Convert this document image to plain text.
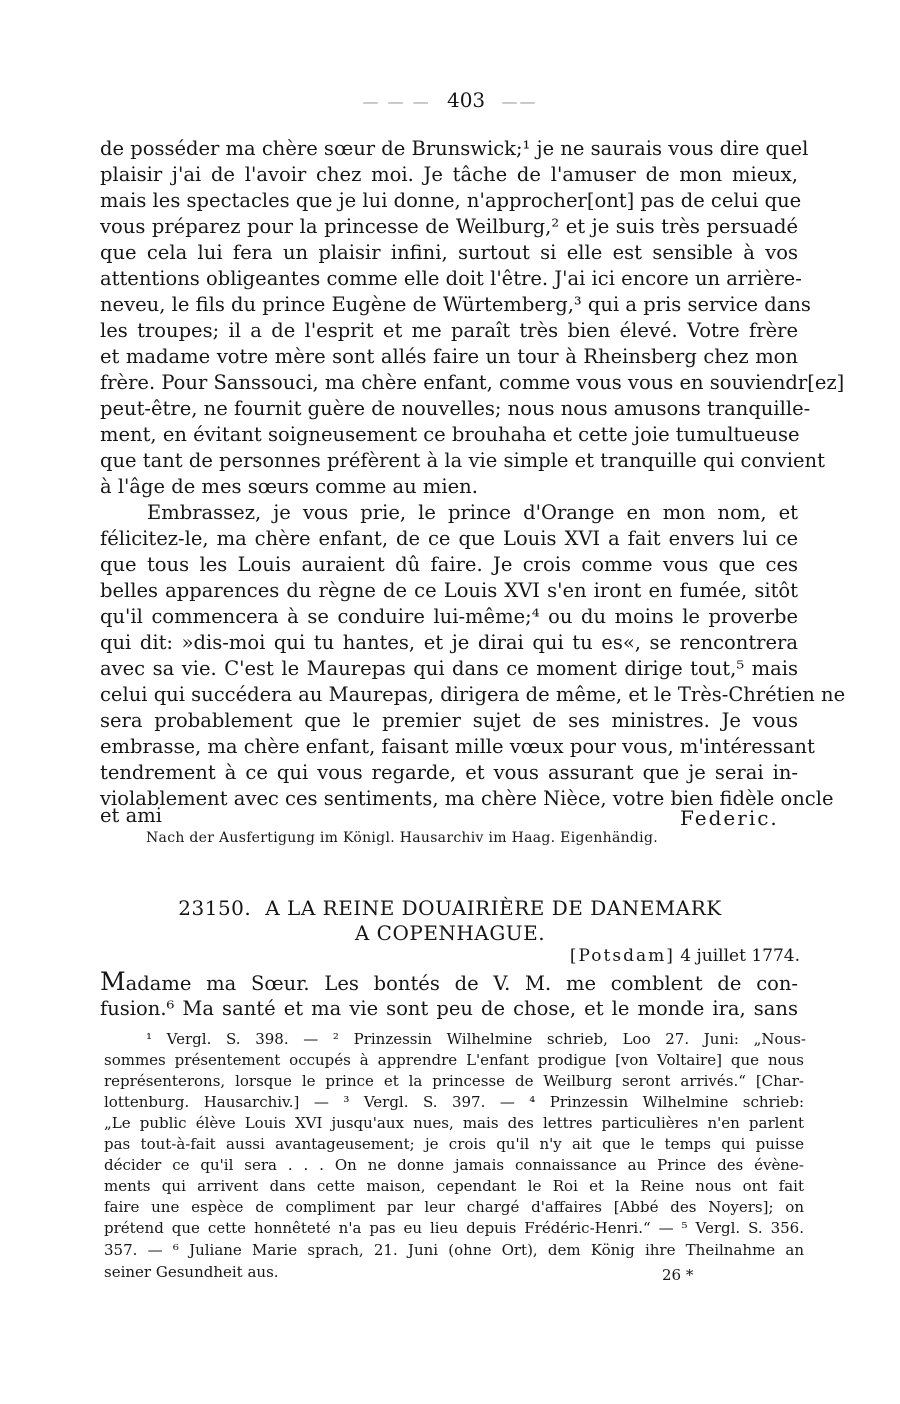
— — — 403 ——
de posséder ma chère sœur de Brunswick;¹ je ne saurais vous dire quel
plaisir j'ai de l'avoir chez moi. Je tâche de l'amuser de mon mieux,
mais les spectacles que je lui donne, n'approcher[ont] pas de celui que
vous préparez pour la princesse de Weilburg,² et je suis très persuadé
que cela lui fera un plaisir infini, surtout si elle est sensible à vos
attentions obligeantes comme elle doit l'être. J'ai ici encore un arrière-
neveu, le fils du prince Eugène de Würtemberg,³ qui a pris service dans
les troupes; il a de l'esprit et me paraît très bien élevé. Votre frère
et madame votre mère sont allés faire un tour à Rheinsberg chez mon
frère. Pour Sanssouci, ma chère enfant, comme vous vous en souviendr[ez]
peut-être, ne fournit guère de nouvelles; nous nous amusons tranquille-
ment, en évitant soigneusement ce brouhaha et cette joie tumultueuse
que tant de personnes préfèrent à la vie simple et tranquille qui convient
à l'âge de mes sœurs comme au mien.
Embrassez, je vous prie, le prince d'Orange en mon nom, et
félicitez-le, ma chère enfant, de ce que Louis XVI a fait envers lui ce
que tous les Louis auraient dû faire. Je crois comme vous que ces
belles apparences du règne de ce Louis XVI s'en iront en fumée, sitôt
qu'il commencera à se conduire lui-même;⁴ ou du moins le proverbe
qui dit: »dis-moi qui tu hantes, et je dirai qui tu es«, se rencontrera
avec sa vie. C'est le Maurepas qui dans ce moment dirige tout,⁵ mais
celui qui succédera au Maurepas, dirigera de même, et le Très-Chrétien ne
sera probablement que le premier sujet de ses ministres. Je vous
embrasse, ma chère enfant, faisant mille vœux pour vous, m'intéressant
tendrement à ce qui vous regarde, et vous assurant que je serai in-
violablement avec ces sentiments, ma chère Nièce, votre bien fidèle oncle
et ami	Federic.
Nach der Ausfertigung im Königl. Hausarchiv im Haag. Eigenhändig.
23150. A LA REINE DOUAIRIÈRE DE DANEMARK
A COPENHAGUE.
[Potsdam] 4 juillet 1774.
Madame ma Sœur. Les bontés de V. M. me comblent de con-
fusion.⁶ Ma santé et ma vie sont peu de chose, et le monde ira, sans
¹ Vergl. S. 398. — ² Prinzessin Wilhelmine schrieb, Loo 27. Juni: „Nous-
sommes présentement occupés à apprendre L'enfant prodigue [von Voltaire] que nous
représenterons, lorsque le prince et la princesse de Weilburg seront arrivés.“ [Char-
lottenburg. Hausarchiv.] — ³ Vergl. S. 397. — ⁴ Prinzessin Wilhelmine schrieb:
„Le public élève Louis XVI jusqu'aux nues, mais des lettres particulières n'en parlent
pas tout-à-fait aussi avantageusement; je crois qu'il n'y ait que le temps qui puisse
décider ce qu'il sera . . . On ne donne jamais connaissance au Prince des évène-
ments qui arrivent dans cette maison, cependant le Roi et la Reine nous ont fait
faire une espèce de compliment par leur chargé d'affaires [Abbé des Noyers]; on
prétend que cette honnêteté n'a pas eu lieu depuis Frédéric-Henri.“ — ⁵ Vergl. S. 356.
357. — ⁶ Juliane Marie sprach, 21. Juni (ohne Ort), dem König ihre Theilnahme an
seiner Gesundheit aus.	26 *
